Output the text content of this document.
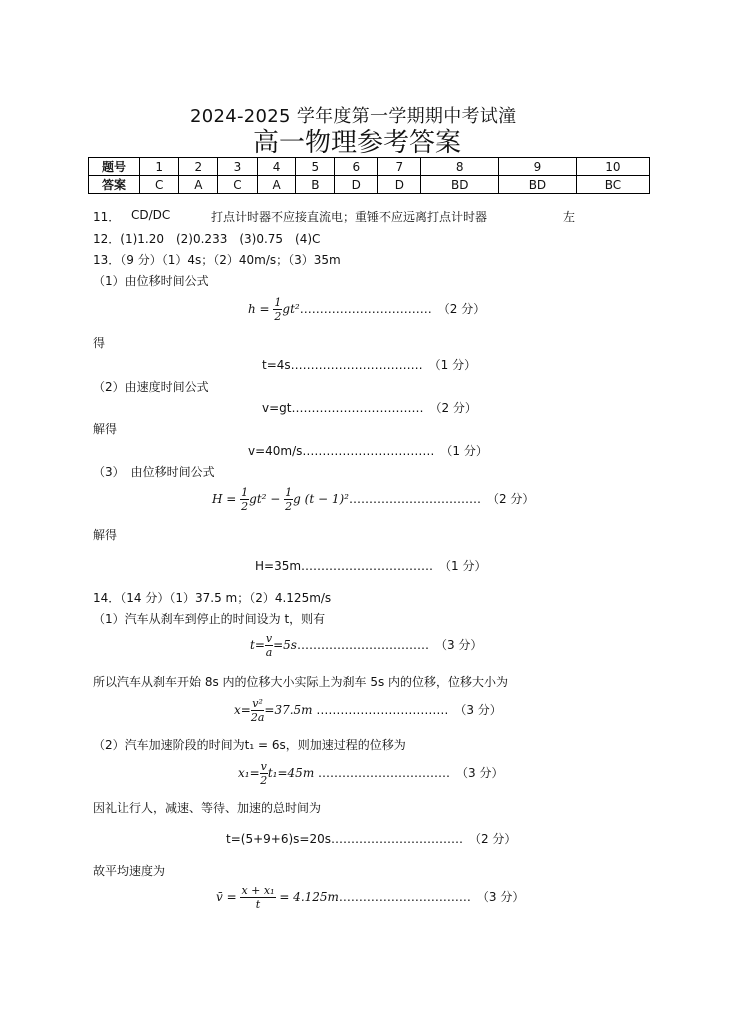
2024-2025 学年度第一学期期中考试潼
高一物理参考答案
题号	1	2	3	4	5	6	7	8	9	10
答案	C	A	C	A	B	D	D	BD	BD	BC
11． CD/DC	打点计时器不应接直流电；重锤不应远离打点计时器	左
12．(1)1.20　(2)0.233　(3)0.75　(4)C
13．（9 分）（1）4s；（2）40m/s；（3）35m
（1）由位移时间公式
$h = \frac{1}{2}$ gt²……………………………　（2 分）
得
t=4s……………………………　（1 分）
（2）由速度时间公式
v=gt……………………………　（2 分）
解得
v=40m/s……………………………　（1 分）
（3）　由位移时间公式
$H = \frac{1}{2} gt^2 - \frac{1}{2}$ g (t − 1)²……………………………　（2 分）
解得
H=35m……………………………　（1 分）
14．（14 分）（1）37.5 m；（2）4.125m/s
（1）汽车从刹车到停止的时间设为 t，则有
$t= \frac{v}{a}$ =5s……………………………　（3 分）
所以汽车从刹车开始 8s 内的位移大小实际上为刹车 5s 内的位移，位移大小为
$x= \frac{\text{v²}}{2a} =37.5m$ ……………………………　（3 分）
（2）汽车加速阶段的时间为t₁ = 6s，则加速过程的位移为
$x_1= \frac{v}{2} t_1=45m$ ……………………………　（3 分）
因礼让行人，减速、等待、加速的总时间为
t=(5+9+6)s=20s……………………………　（2 分）
故平均速度为
v̄ = $\frac{\text{x + x₁}}{t}$ = 4.125m……………………………　（3 分）
